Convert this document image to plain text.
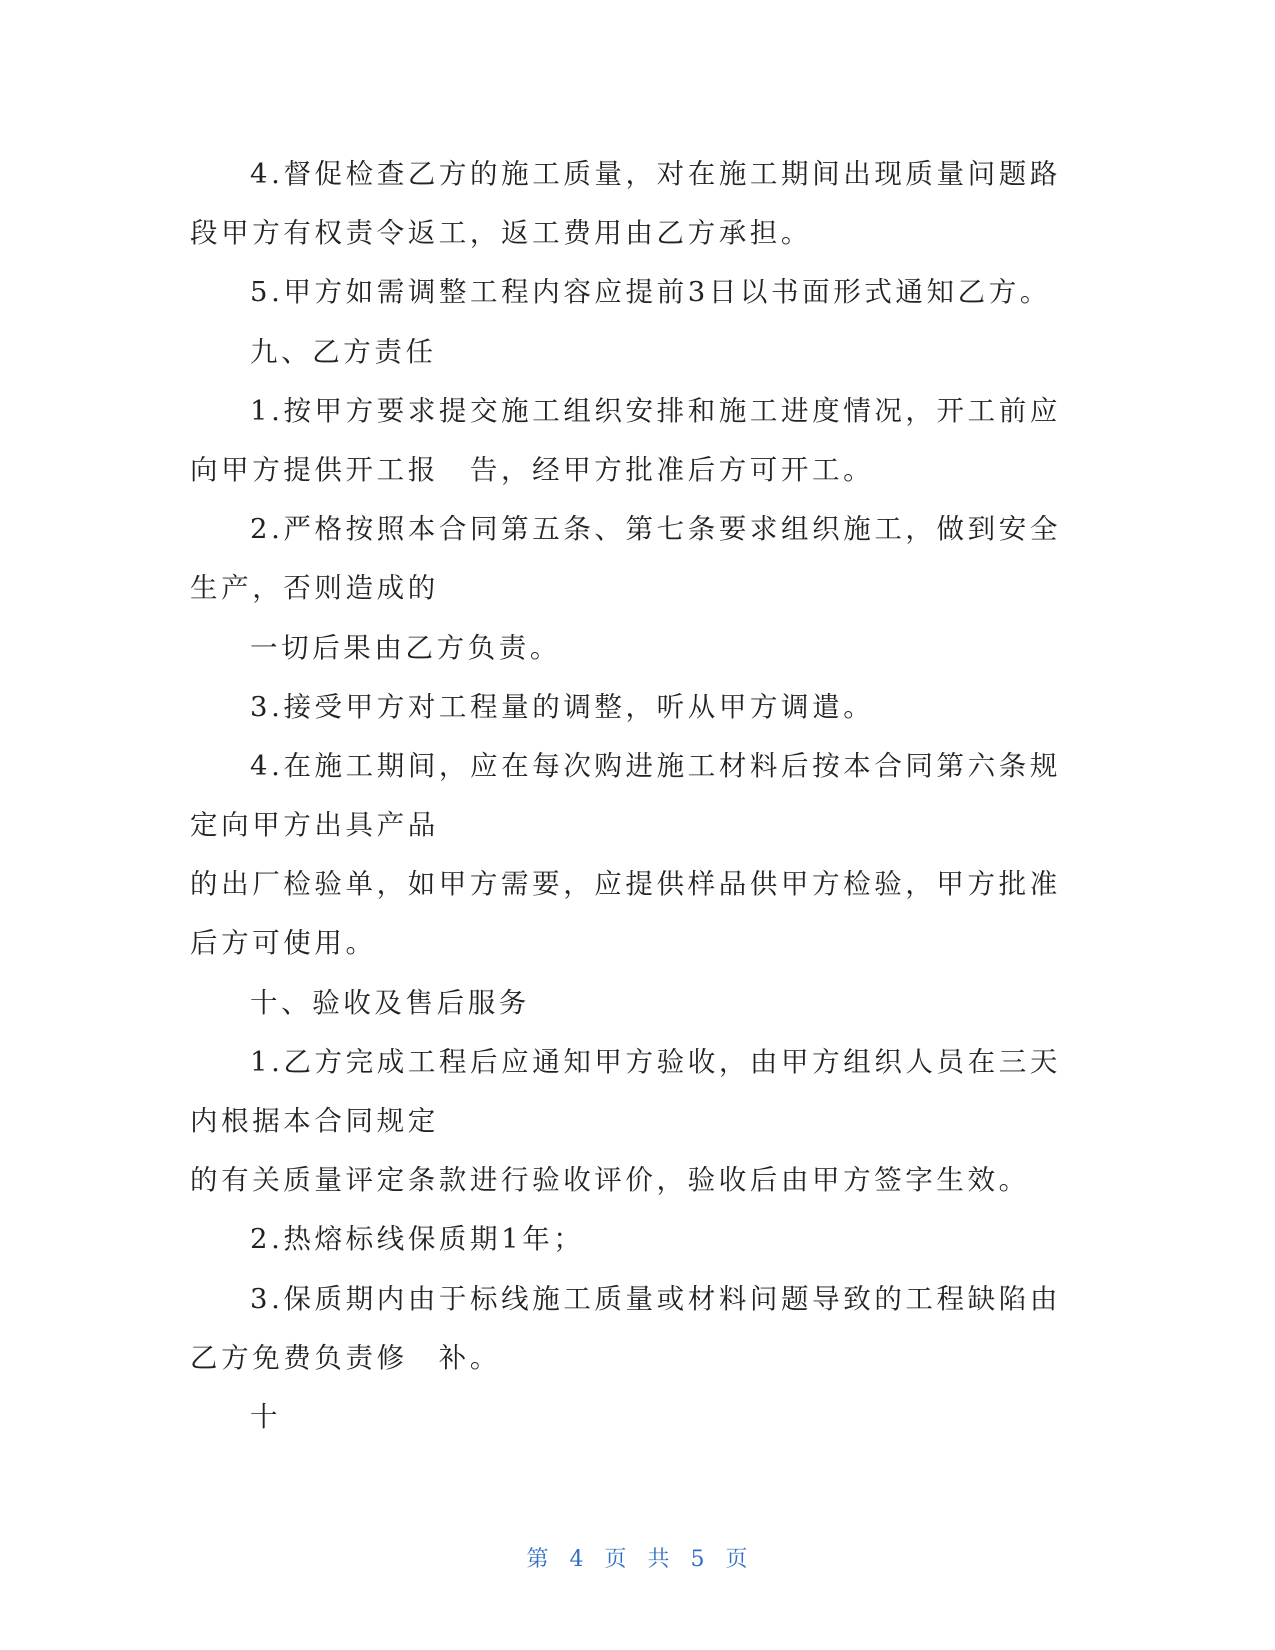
4.督促检查乙方的施工质量，对在施工期间出现质量问题路
段甲方有权责令返工，返工费用由乙方承担。
5.甲方如需调整工程内容应提前3日以书面形式通知乙方。
九、乙方责任
1.按甲方要求提交施工组织安排和施工进度情况，开工前应
向甲方提供开工报　告，经甲方批准后方可开工。
2.严格按照本合同第五条、第七条要求组织施工，做到安全
生产，否则造成的
一切后果由乙方负责。
3.接受甲方对工程量的调整，听从甲方调遣。
4.在施工期间，应在每次购进施工材料后按本合同第六条规
定向甲方出具产品
的出厂检验单，如甲方需要，应提供样品供甲方检验，甲方批准
后方可使用。
十、验收及售后服务
1.乙方完成工程后应通知甲方验收，由甲方组织人员在三天
内根据本合同规定
的有关质量评定条款进行验收评价，验收后由甲方签字生效。
2.热熔标线保质期1年；
3.保质期内由于标线施工质量或材料问题导致的工程缺陷由
乙方免费负责修　补。
十
第 4 页 共 5 页
